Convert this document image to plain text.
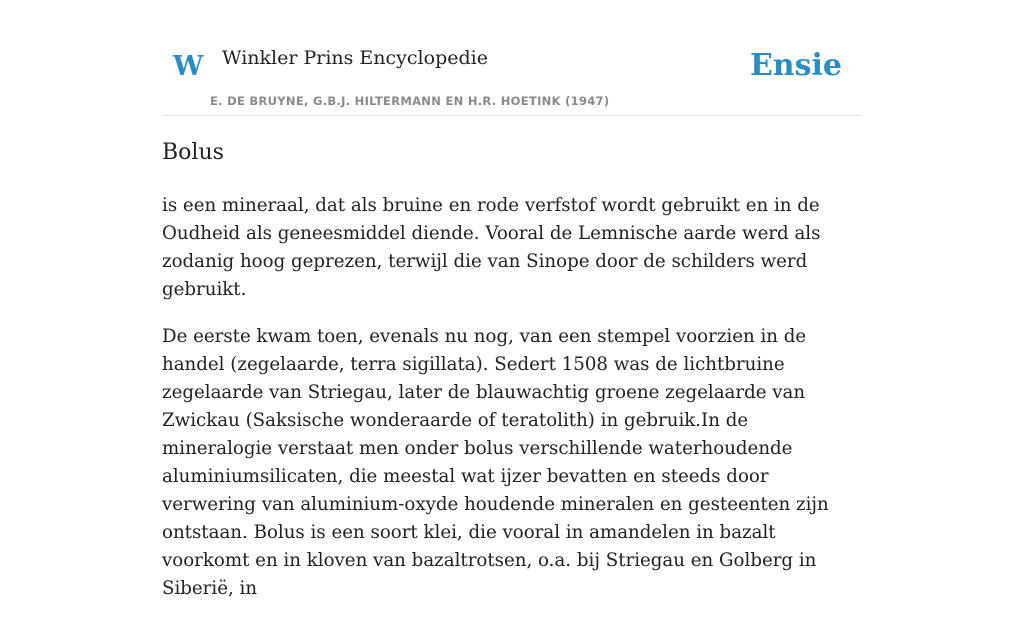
W Winkler Prins Encyclopedie
E. DE BRUYNE, G.B.J. HILTERMANN EN H.R. HOETINK (1947)
Ensie
Bolus

is een mineraal, dat als bruine en rode verfstof wordt gebruikt en in de Oudheid als geneesmiddel diende. Vooral de Lemnische aarde werd als zodanig hoog geprezen, terwijl die van Sinope door de schilders werd gebruikt.

De eerste kwam toen, evenals nu nog, van een stempel voorzien in de handel (zegelaarde, terra sigillata). Sedert 1508 was de lichtbruine zegelaarde van Striegau, later de blauwachtig groene zegelaarde van Zwickau (Saksische wonderaarde of teratolith) in gebruik.In de mineralogie verstaat men onder bolus verschillende waterhoudende aluminiumsilicaten, die meestal wat ijzer bevatten en steeds door verwering van aluminium-oxyde houdende mineralen en gesteenten zijn ontstaan. Bolus is een soort klei, die vooral in amandelen in bazalt voorkomt en in kloven van bazaltrotsen, o.a. bij Striegau en Golberg in Siberië, in
